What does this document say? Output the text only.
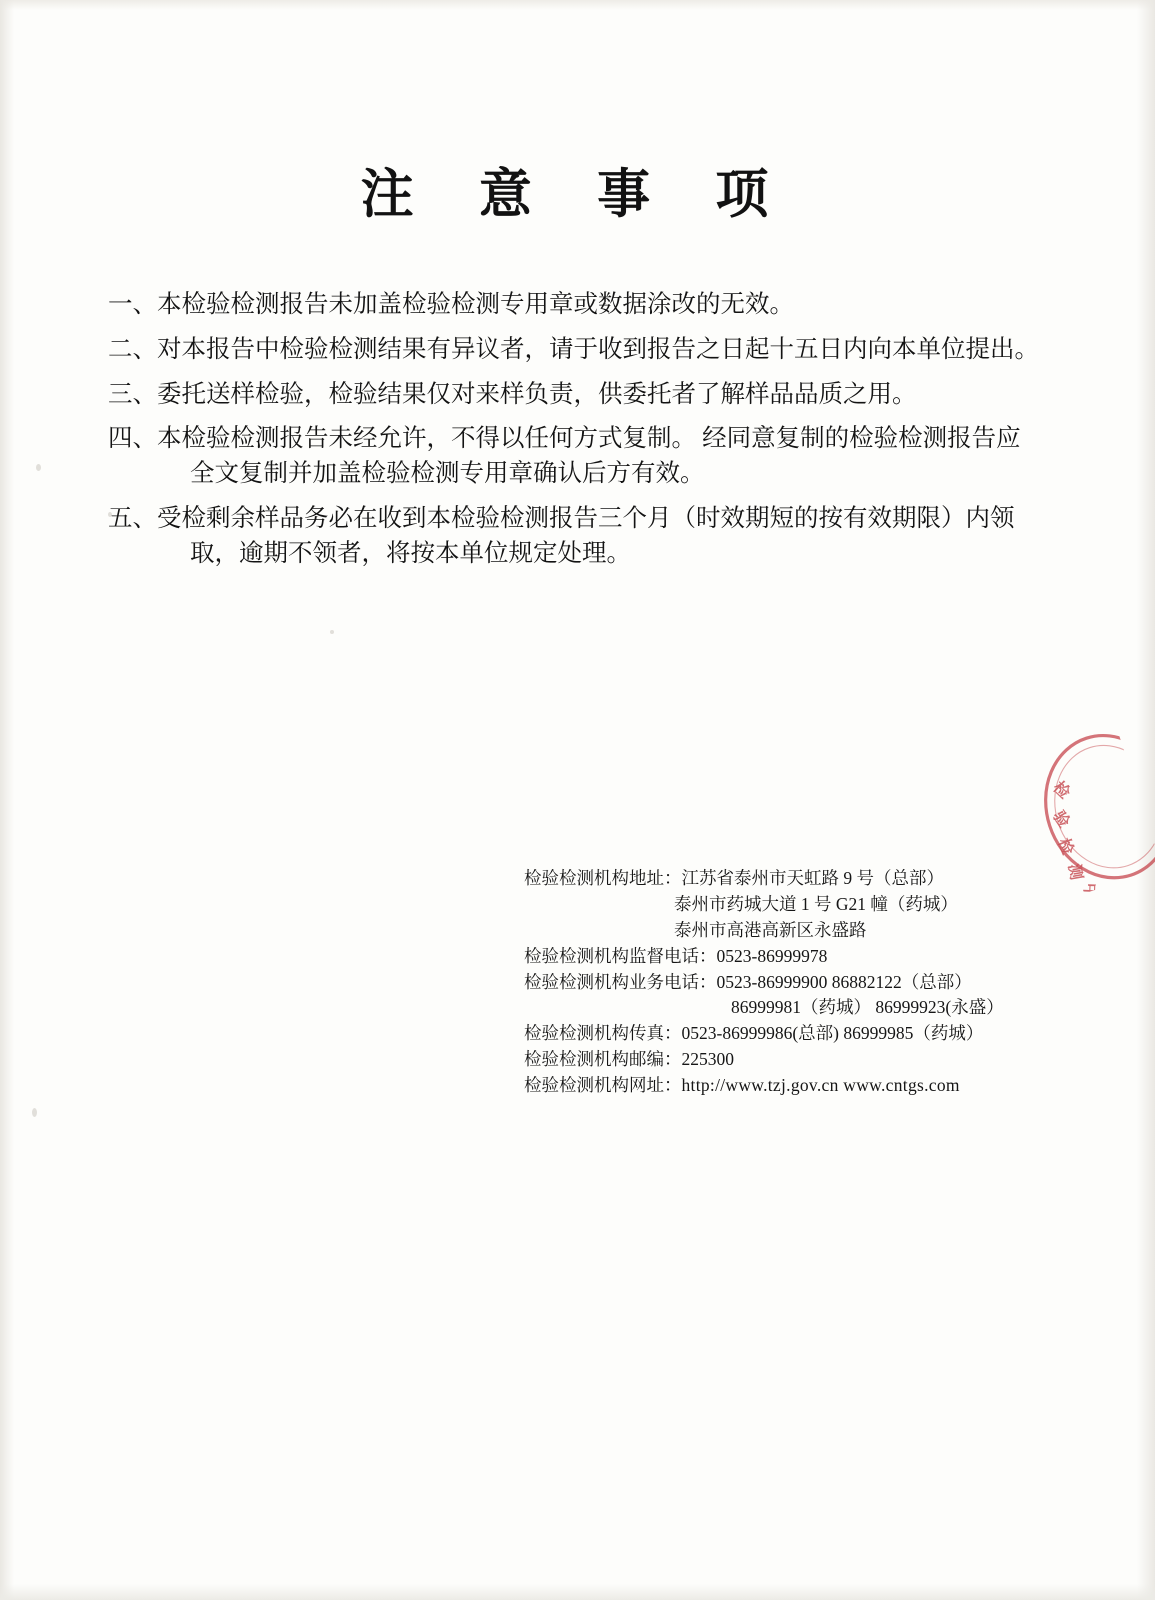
注 意 事 项
一、 本检验检测报告未加盖检验检测专用章或数据涂改的无效。
二、 对本报告中检验检测结果有异议者，请于收到报告之日起十五日内向本单位提出。
三、 委托送样检验，检验结果仅对来样负责，供委托者了解样品品质之用。
四、 本检验检测报告未经允许，不得以任何方式复制。 经同意复制的检验检测报告应
全文复制并加盖检验检测专用章确认后方有效。
五、 受检剩余样品务必在收到本检验检测报告三个月（时效期短的按有效期限）内领
取，逾期不领者，将按本单位规定处理。
检验检测机构地址：江苏省泰州市天虹路 9 号（总部）
泰州市药城大道 1 号 G21 幢（药城）
泰州市高港高新区永盛路
检验检测机构监督电话：0523-86999978
检验检测机构业务电话：0523-86999900 86882122（总部）
86999981（药城） 86999923(永盛）
检验检测机构传真：0523-86999986(总部) 86999985（药城）
检验检测机构邮编：225300
检验检测机构网址：http://www.tzj.gov.cn www.cntgs.com
检
验
检
测
中
